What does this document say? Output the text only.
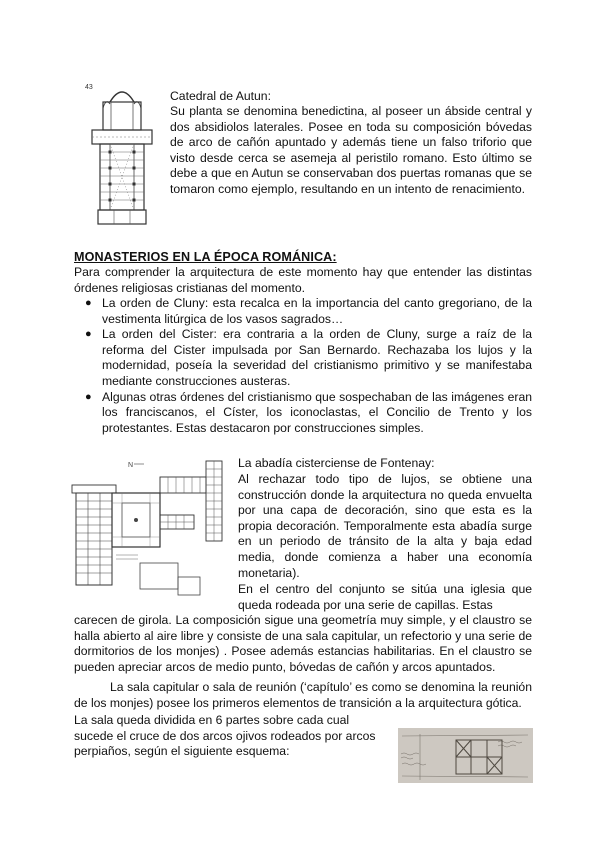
43
Catedral de Autun:
Su planta se denomina benedictina, al poseer un ábside central y dos absidiolos laterales. Posee en toda su composición bóvedas de arco de cañón apuntado y además tiene un falso triforio que visto desde cerca se asemeja al peristilo romano. Esto último se debe a que en Autun se conservaban dos puertas romanas que se tomaron como ejemplo, resultando en un intento de renacimiento.
MONASTERIOS EN LA ÉPOCA ROMÁNICA:
Para comprender la arquitectura de este momento hay que entender las distintas órdenes religiosas cristianas del momento.
● La orden de Cluny: esta recalca en la importancia del canto gregoriano, de la vestimenta litúrgica de los vasos sagrados…
● La orden del Cister: era contraria a la orden de Cluny, surge a raíz de la reforma del Cister impulsada por San Bernardo. Rechazaba los lujos y la modernidad, poseía la severidad del cristianismo primitivo y se manifestaba mediante construcciones austeras.
● Algunas otras órdenes del cristianismo que sospechaban de las imágenes eran los franciscanos, el Císter, los iconoclastas, el Concilio de Trento y los protestantes. Estas destacaron por construcciones simples.
N	La abadía cisterciense de Fontenay:
Al rechazar todo tipo de lujos, se obtiene una construcción donde la arquitectura no queda envuelta por una capa de decoración, sino que esta es la propia decoración. Temporalmente esta abadía surge en un periodo de tránsito de la alta y baja edad media, donde comienza a haber una economía monetaria).
En el centro del conjunto se sitúa una iglesia que queda rodeada por una serie de capillas. Estas
carecen de girola. La composición sigue una geometría muy simple, y el claustro se halla abierto al aire libre y consiste de una sala capitular, un refectorio y una serie de dormitorios de los monjes) . Posee además estancias habilitarias. En el claustro se pueden apreciar arcos de medio punto, bóvedas de cañón y arcos apuntados.
La sala capitular o sala de reunión (‘capítulo’ es como se denomina la reunión de los monjes) posee los primeros elementos de transición a la arquitectura gótica.
La sala queda dividida en 6 partes sobre cada cual sucede el cruce de dos arcos ojivos rodeados por arcos perpiaños, según el siguiente esquema:
